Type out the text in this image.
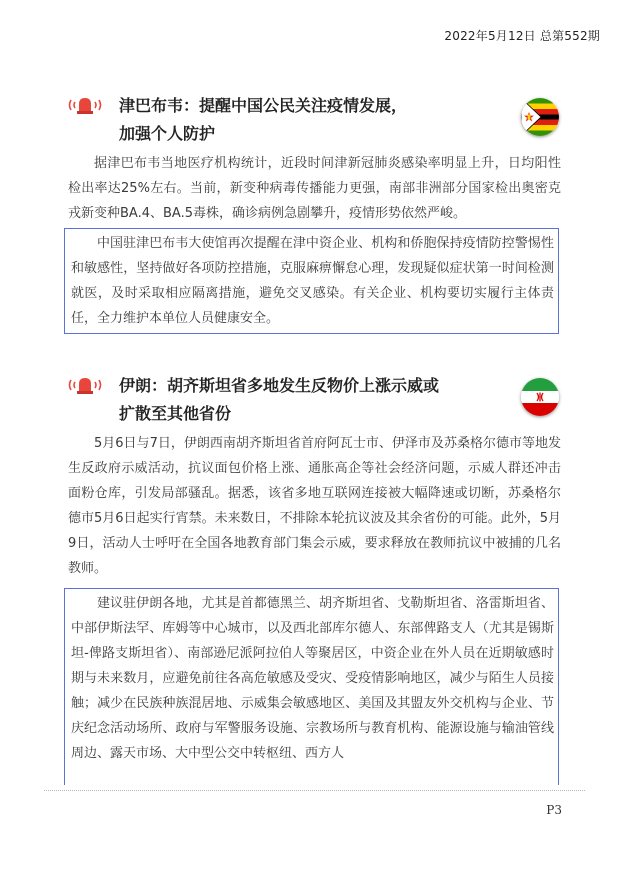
2022年5月12日 总第552期
津巴布韦：提醒中国公民关注疫情发展，
加强个人防护

据津巴布韦当地医疗机构统计，近段时间津新冠肺炎感染率明显上升，日均阳性检出率达25%左右。当前，新变种病毒传播能力更强，南部非洲部分国家检出奥密克戎新变种BA.4、BA.5毒株，确诊病例急剧攀升，疫情形势依然严峻。

中国驻津巴布韦大使馆再次提醒在津中资企业、机构和侨胞保持疫情防控警惕性和敏感性，坚持做好各项防控措施，克服麻痹懈怠心理，发现疑似症状第一时间检测就医，及时采取相应隔离措施，避免交叉感染。有关企业、机构要切实履行主体责任，全力维护本单位人员健康安全。

伊朗：胡齐斯坦省多地发生反物价上涨示威或
扩散至其他省份

5月6日与7日，伊朗西南胡齐斯坦省首府阿瓦士市、伊泽市及苏桑格尔德市等地发生反政府示威活动，抗议面包价格上涨、通胀高企等社会经济问题，示威人群还冲击面粉仓库，引发局部骚乱。据悉，该省多地互联网连接被大幅降速或切断，苏桑格尔德市5月6日起实行宵禁。未来数日，不排除本轮抗议波及其余省份的可能。此外，5月9日，活动人士呼吁在全国各地教育部门集会示威，要求释放在教师抗议中被捕的几名教师。

建议驻伊朗各地，尤其是首都德黑兰、胡齐斯坦省、戈勒斯坦省、洛雷斯坦省、中部伊斯法罕、库姆等中心城市，以及西北部库尔德人、东部俾路支人（尤其是锡斯坦-俾路支斯坦省）、南部逊尼派阿拉伯人等聚居区，中资企业在外人员在近期敏感时期与未来数月，应避免前往各高危敏感及受灾、受疫情影响地区，减少与陌生人员接触；减少在民族种族混居地、示威集会敏感地区、美国及其盟友外交机构与企业、节庆纪念活动场所、政府与军警服务设施、宗教场所与教育机构、能源设施与输油管线周边、露天市场、大中型公交中转枢纽、西方人

P3
